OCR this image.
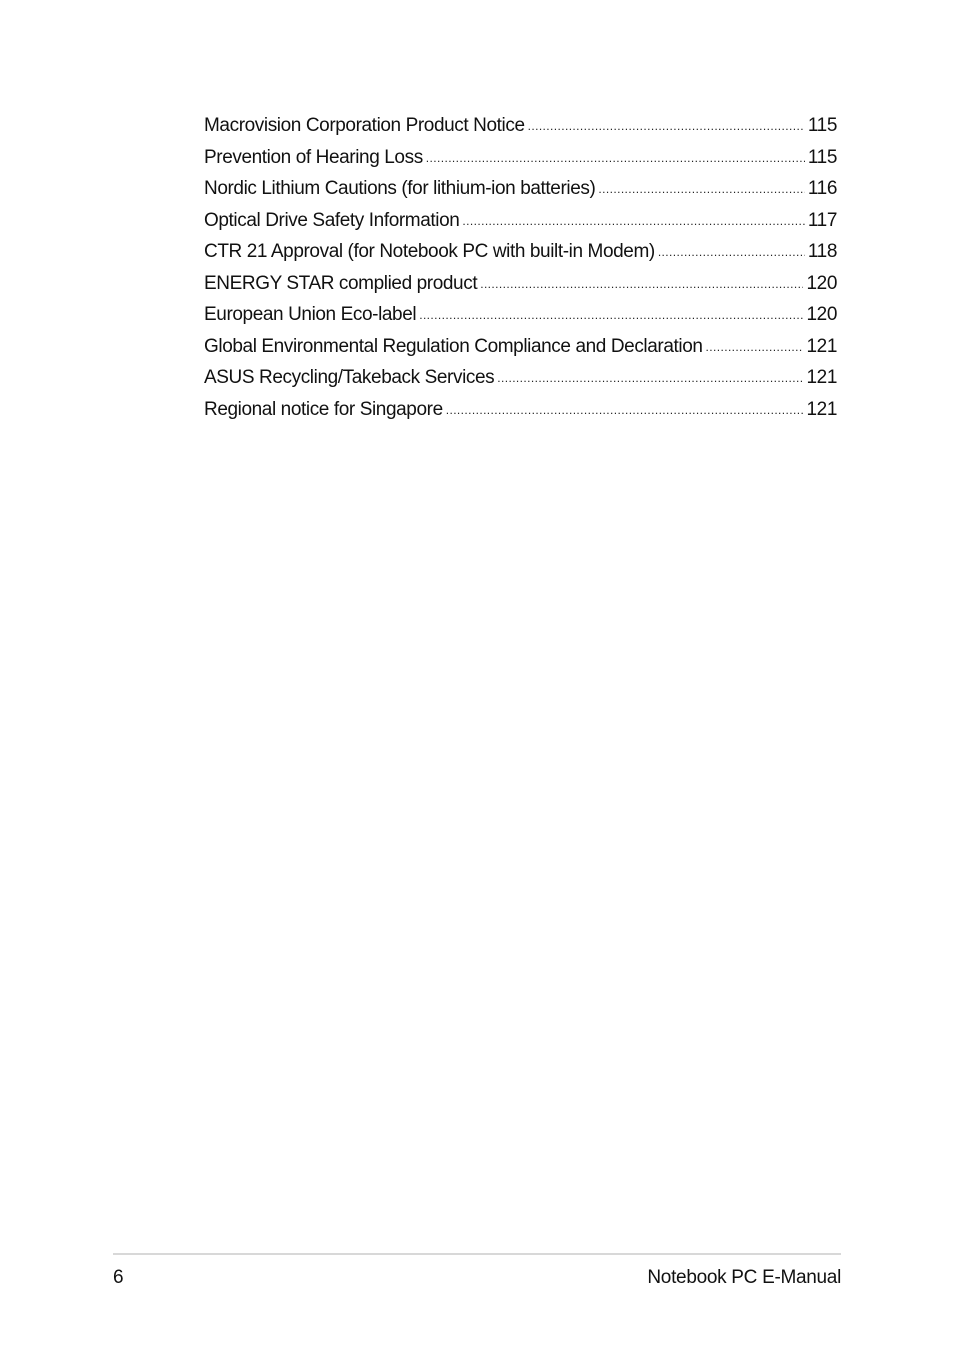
Macrovision Corporation Product Notice .....	115
Prevention of Hearing Loss .....	115
Nordic Lithium Cautions (for lithium-ion batteries) .....	116
Optical Drive Safety Information .....	117
CTR 21 Approval (for Notebook PC with built-in Modem) .....	118
ENERGY STAR complied product .....	120
European Union Eco-label .....	120
Global Environmental Regulation Compliance and Declaration .....	121
ASUS Recycling/Takeback Services .....	121
Regional notice for Singapore .....	121
6	Notebook PC E-Manual
